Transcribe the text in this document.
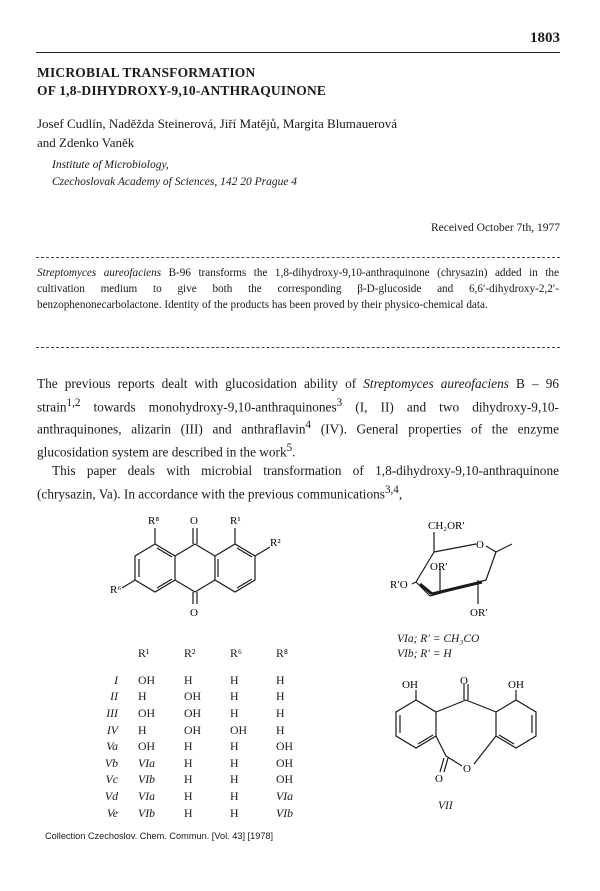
1803
MICROBIAL TRANSFORMATION
OF 1,8-DIHYDROXY-9,10-ANTHRAQUINONE
Josef Cudlín, Naděžda Steinerová, Jiří Matějů, Margita Blumauerová
and Zdenko Vaněk
Institute of Microbiology,
Czechoslovak Academy of Sciences, 142 20 Prague 4
Received October 7th, 1977
Streptomyces aureofaciens B-96 transforms the 1,8-dihydroxy-9,10-anthraquinone (chrysazin) added in the cultivation medium to give both the corresponding β-D-glucoside and 6,6′-dihydroxy-2,2′-benzophenonecarbolactone. Identity of the products has been proved by their physico-chemical data.

The previous reports dealt with glucosidation ability of Streptomyces aureofaciens B – 96 strain$^{1,2}$ towards monohydroxy-9,10-anthraquinones$^3$ (I, II) and two dihydroxy-9,10-anthraquinones, alizarin (III) and anthraflavin$^4$ (IV). General properties of the enzyme glucosidation system are described in the work$^5$.

This paper deals with microbial transformation of 1,8-dihydroxy-9,10-anthraquinone (chrysazin, Va). In accordance with the previous communications$^{3,4}$,

R⁸	O	R¹
R²
R⁶
O
	R¹	R²	R⁶	R⁸
I	OH	H	H	H
II	H	OH	H	H
III	OH	OH	H	H
IV	H	OH	OH	H
Va	OH	H	H	OH
Vb	VIa	H	H	OH
Vc	VIb	H	H	OH
Vd	VIa	H	H	VIa
Ve	VIb	H	H	VIb
CH₂OR′
O
OR′
R′O
OR′
VIa; R′ = CH₃CO
VIb; R′ = H
OH	O	OH
O
O
VII
Collection Czechoslov. Chem. Commun. [Vol. 43] [1978]
